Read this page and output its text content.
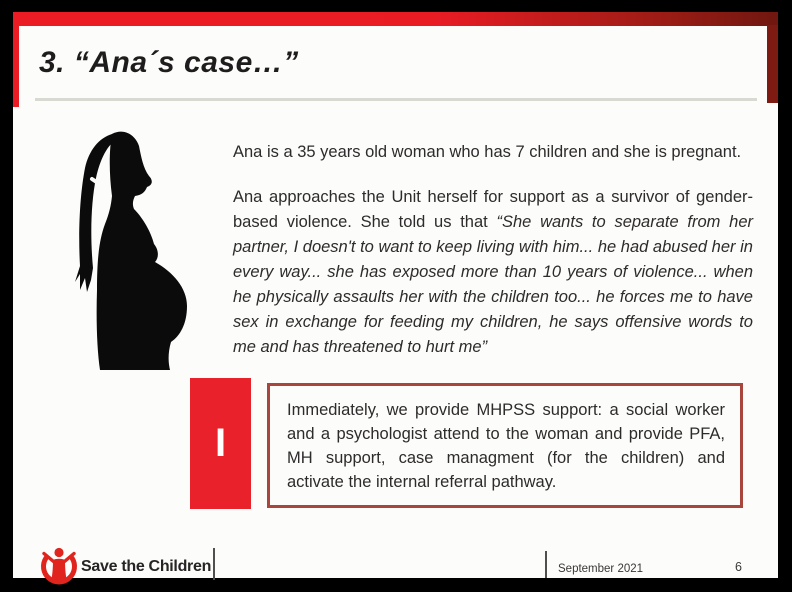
3. “Ana´s case…”

Ana is a 35 years old woman who has 7 children and she is pregnant.

Ana approaches the Unit herself for support as a survivor of gender-based violence. She told us that “She wants to separate from her partner, I doesn't to want to keep living with him... he had abused her in every way... she has exposed more than 10 years of violence... when he physically assaults her with the children too... he forces me to have sex in exchange for feeding my children, he says offensive words to me and has threatened to hurt me”

I

Immediately, we provide MHPSS support: a social worker and a psychologist attend to the woman and provide PFA, MH support, case managment (for the children) and activate the internal referral pathway.

Save the Children	September 2021	6
